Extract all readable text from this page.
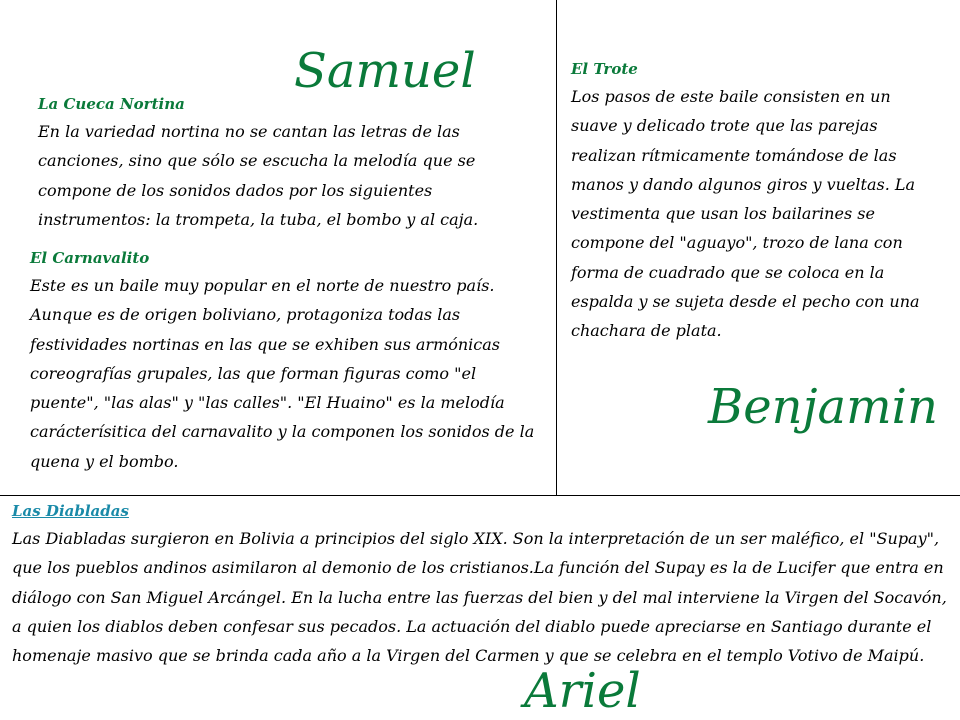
Samuel
Benjamin
Ariel
La Cueca Nortina
En la variedad nortina no se cantan las letras de las canciones, sino que sólo se escucha la melodía que se compone de los sonidos dados por los siguientes instrumentos: la trompeta, la tuba, el bombo y al caja.
El Carnavalito
Este es un baile muy popular en el norte de nuestro país. Aunque es de origen boliviano, protagoniza todas las festividades nortinas en las que se exhiben sus armónicas coreografías grupales, las que forman figuras como "el puente", "las alas" y "las calles". "El Huaino" es la melodía carácterísitica del carnavalito y la componen los sonidos de la quena y el bombo.
El Trote
Los pasos de este baile consisten en un suave y delicado trote que las parejas realizan rítmicamente tomándose de las manos y dando algunos giros y vueltas. La vestimenta que usan los bailarines se compone del "aguayo", trozo de lana con forma de cuadrado que se coloca en la espalda y se sujeta desde el pecho con una chachara de plata.
Las Diabladas
Las Diabladas surgieron en Bolivia a principios del siglo XIX. Son la interpretación de un ser maléfico, el "Supay", que los pueblos andinos asimilaron al demonio de los cristianos.La función del Supay es la de Lucifer que entra en diálogo con San Miguel Arcángel. En la lucha entre las fuerzas del bien y del mal interviene la Virgen del Socavón, a quien los diablos deben confesar sus pecados. La actuación del diablo puede apreciarse en Santiago durante el homenaje masivo que se brinda cada año a la Virgen del Carmen y que se celebra en el templo Votivo de Maipú.
